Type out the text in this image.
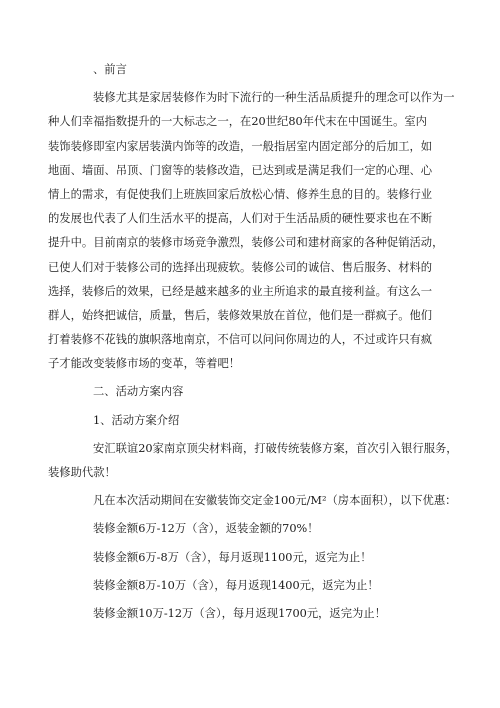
、前言

装修尤其是家居装修作为时下流行的一种生活品质提升的理念可以作为一
种人们幸福指数提升的一大标志之一，在20世纪80年代末在中国诞生。室内
装饰装修即室内家居装潢内饰等的改造，一般指居室内固定部分的后加工，如
地面、墙面、吊顶、门窗等的装修改造，已达到或是满足我们一定的心理、心
情上的需求，有促使我们上班族回家后放松心情、修养生息的目的。装修行业
的发展也代表了人们生活水平的提高，人们对于生活品质的硬性要求也在不断
提升中。目前南京的装修市场竞争激烈，装修公司和建材商家的各种促销活动，
已使人们对于装修公司的选择出现疲软。装修公司的诚信、售后服务、材料的
选择，装修后的效果，已经是越来越多的业主所追求的最直接利益。有这么一
群人，始终把诚信，质量，售后，装修效果放在首位，他们是一群疯子。他们
打着装修不花钱的旗帜落地南京，不信可以问问你周边的人，不过或许只有疯
子才能改变装修市场的变革，等着吧！

二、活动方案内容

1、活动方案介绍

安汇联谊20家南京顶尖材料商，打破传统装修方案，首次引入银行服务，
装修助代款！

凡在本次活动期间在安徽装饰交定金100元/M²（房本面积），以下优惠：

装修金额6万-12万（含），返装金额的70%！
装修金额6万-8万（含），每月返现1100元，返完为止！
装修金额8万-10万（含），每月返现1400元，返完为止！
装修金额10万-12万（含），每月返现1700元，返完为止！
